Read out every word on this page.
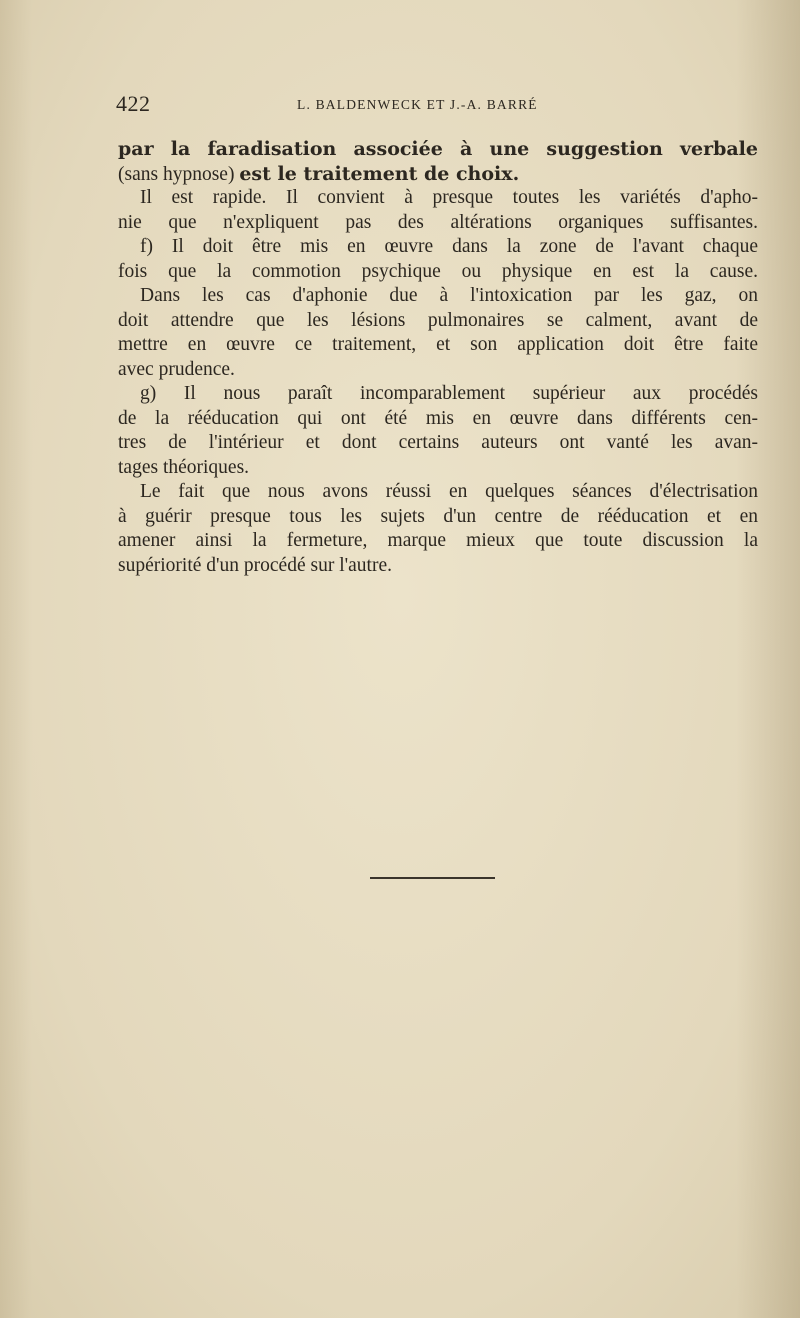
422	L. BALDENWECK ET J.-A. BARRÉ
par la faradisation associée à une suggestion verbale
(sans hypnose) est le traitement de choix.
Il est rapide. Il convient à presque toutes les variétés d'apho-
nie que n'expliquent pas des altérations organiques suffisantes.
f) Il doit être mis en œuvre dans la zone de l'avant chaque
fois que la commotion psychique ou physique en est la cause.
Dans les cas d'aphonie due à l'intoxication par les gaz, on
doit attendre que les lésions pulmonaires se calment, avant de
mettre en œuvre ce traitement, et son application doit être faite
avec prudence.
g) Il nous paraît incomparablement supérieur aux procédés
de la rééducation qui ont été mis en œuvre dans différents cen-
tres de l'intérieur et dont certains auteurs ont vanté les avan-
tages théoriques.
Le fait que nous avons réussi en quelques séances d'électrisation
à guérir presque tous les sujets d'un centre de rééducation et en
amener ainsi la fermeture, marque mieux que toute discussion la
supériorité d'un procédé sur l'autre.
